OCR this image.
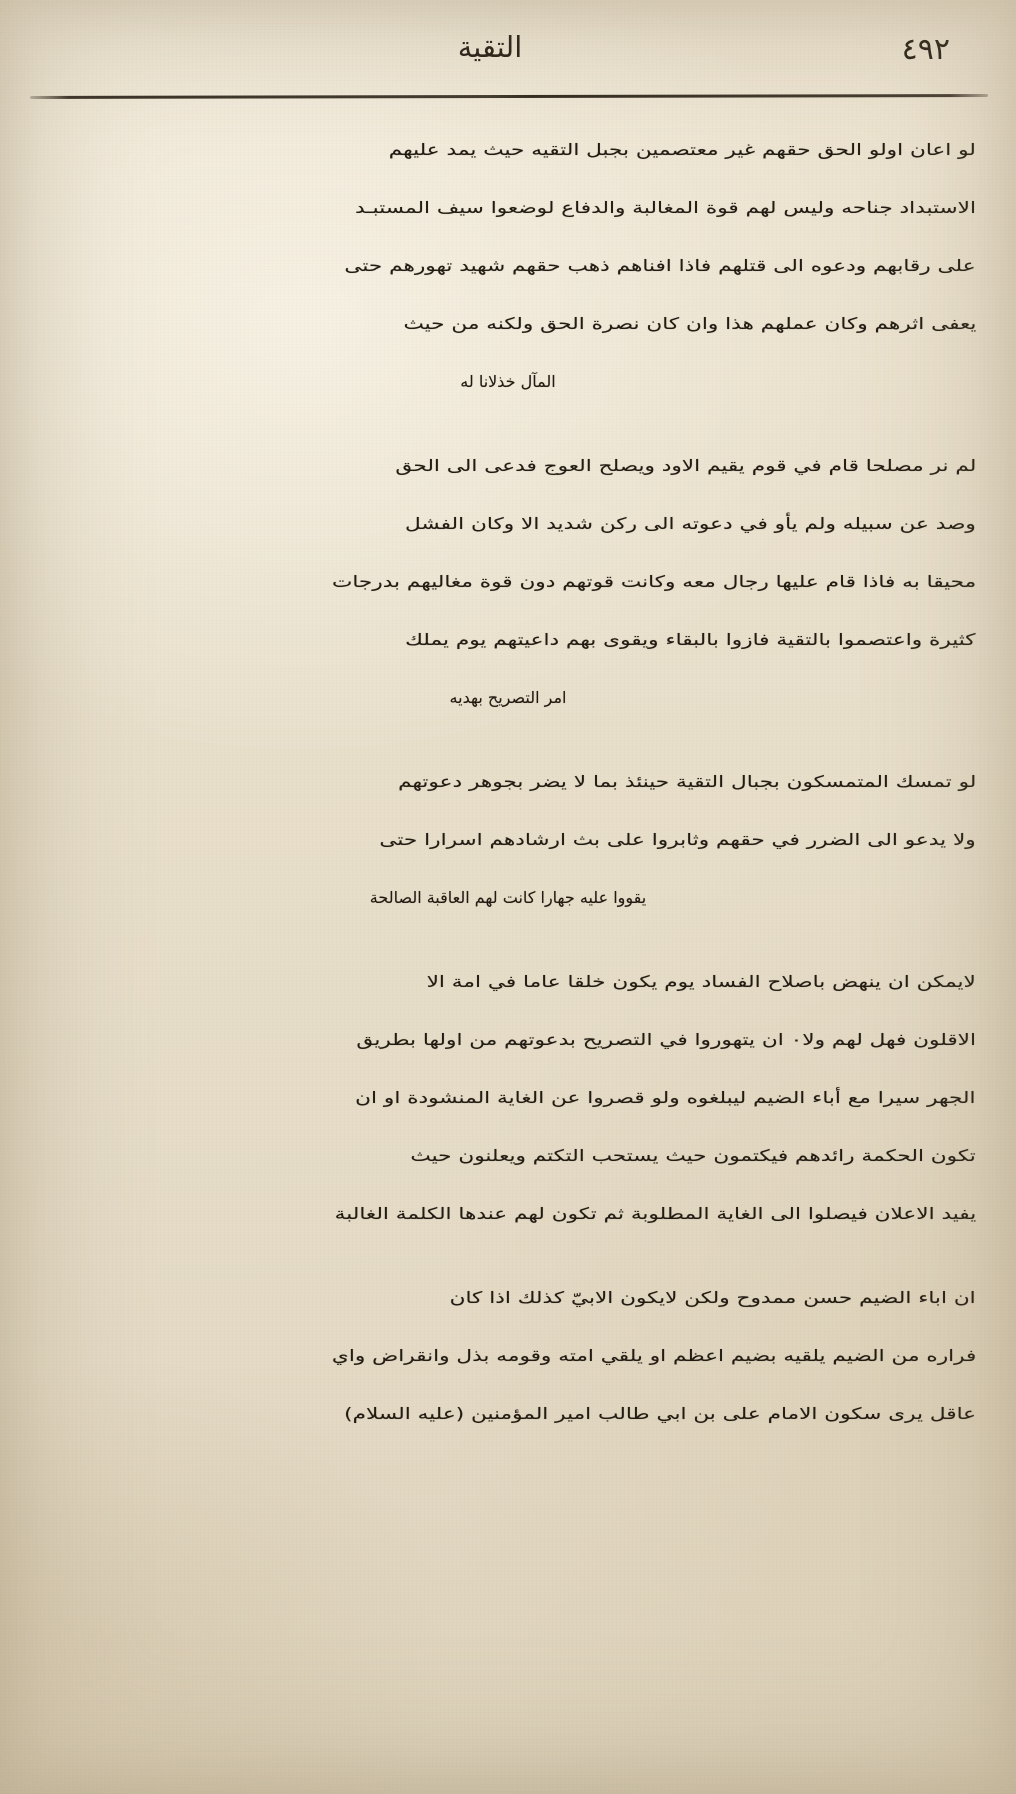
التقية	٤٩٢
لو اعان اولو الحق حقهم غير معتصمين بجبل التقيه حيث يمد عليهم
الاستبداد جناحه وليس لهم قوة المغالبة والدفاع لوضعوا سيف المستبـد
على رقابهم ودعوه الى قتلهم فاذا افناهم ذهب حقهم شهيد تهورهم حتى
يعفى اثرهم وكان عملهم هذا وان كان نصرة الحق ولكنه من حيث
المآل خذلانا له
لم نر مصلحا قام في قوم يقيم الاود ويصلح العوج فدعى الى الحق
وصد عن سبيله ولم يأو في دعوته الى ركن شديد الا وكان الفشل
محيقا به فاذا قام عليها رجال معه وكانت قوتهم دون قوة مغاليهم بدرجات
كثيرة واعتصموا بالتقية فازوا بالبقاء ويقوى بهم داعيتهم يوم يملك
امر التصريح بهديه
لو تمسك المتمسكون بجبال التقية حينئذ بما لا يضر بجوهر دعوتهم
ولا يدعو الى الضرر في حقهم وثابروا على بث ارشادهم اسرارا حتى
يقووا عليه جهارا كانت لهم العاقبة الصالحة
لايمكن ان ينهض باصلاح الفساد يوم يكون خلقا عاما في امة الا
الاقلون فهل لهم ولا٠ ان يتهوروا في التصريح بدعوتهم من اولها بطريق
الجهر سيرا مع أباء الضيم ليبلغوه ولو قصروا عن الغاية المنشودة او ان
تكون الحكمة رائدهم فيكتمون حيث يستحب التكتم ويعلنون حيث
يفيد الاعلان فيصلوا الى الغاية المطلوبة ثم تكون لهم عندها الكلمة الغالبة
ان اباء الضيم حسن ممدوح ولكن لايكون الابيّ كذلك اذا كان
فراره من الضيم يلقيه بضيم اعظم او يلقي امته وقومه بذل وانقراض واي
عاقل يرى سكون الامام على بن ابي طالب امير المؤمنين (عليه السلام)
